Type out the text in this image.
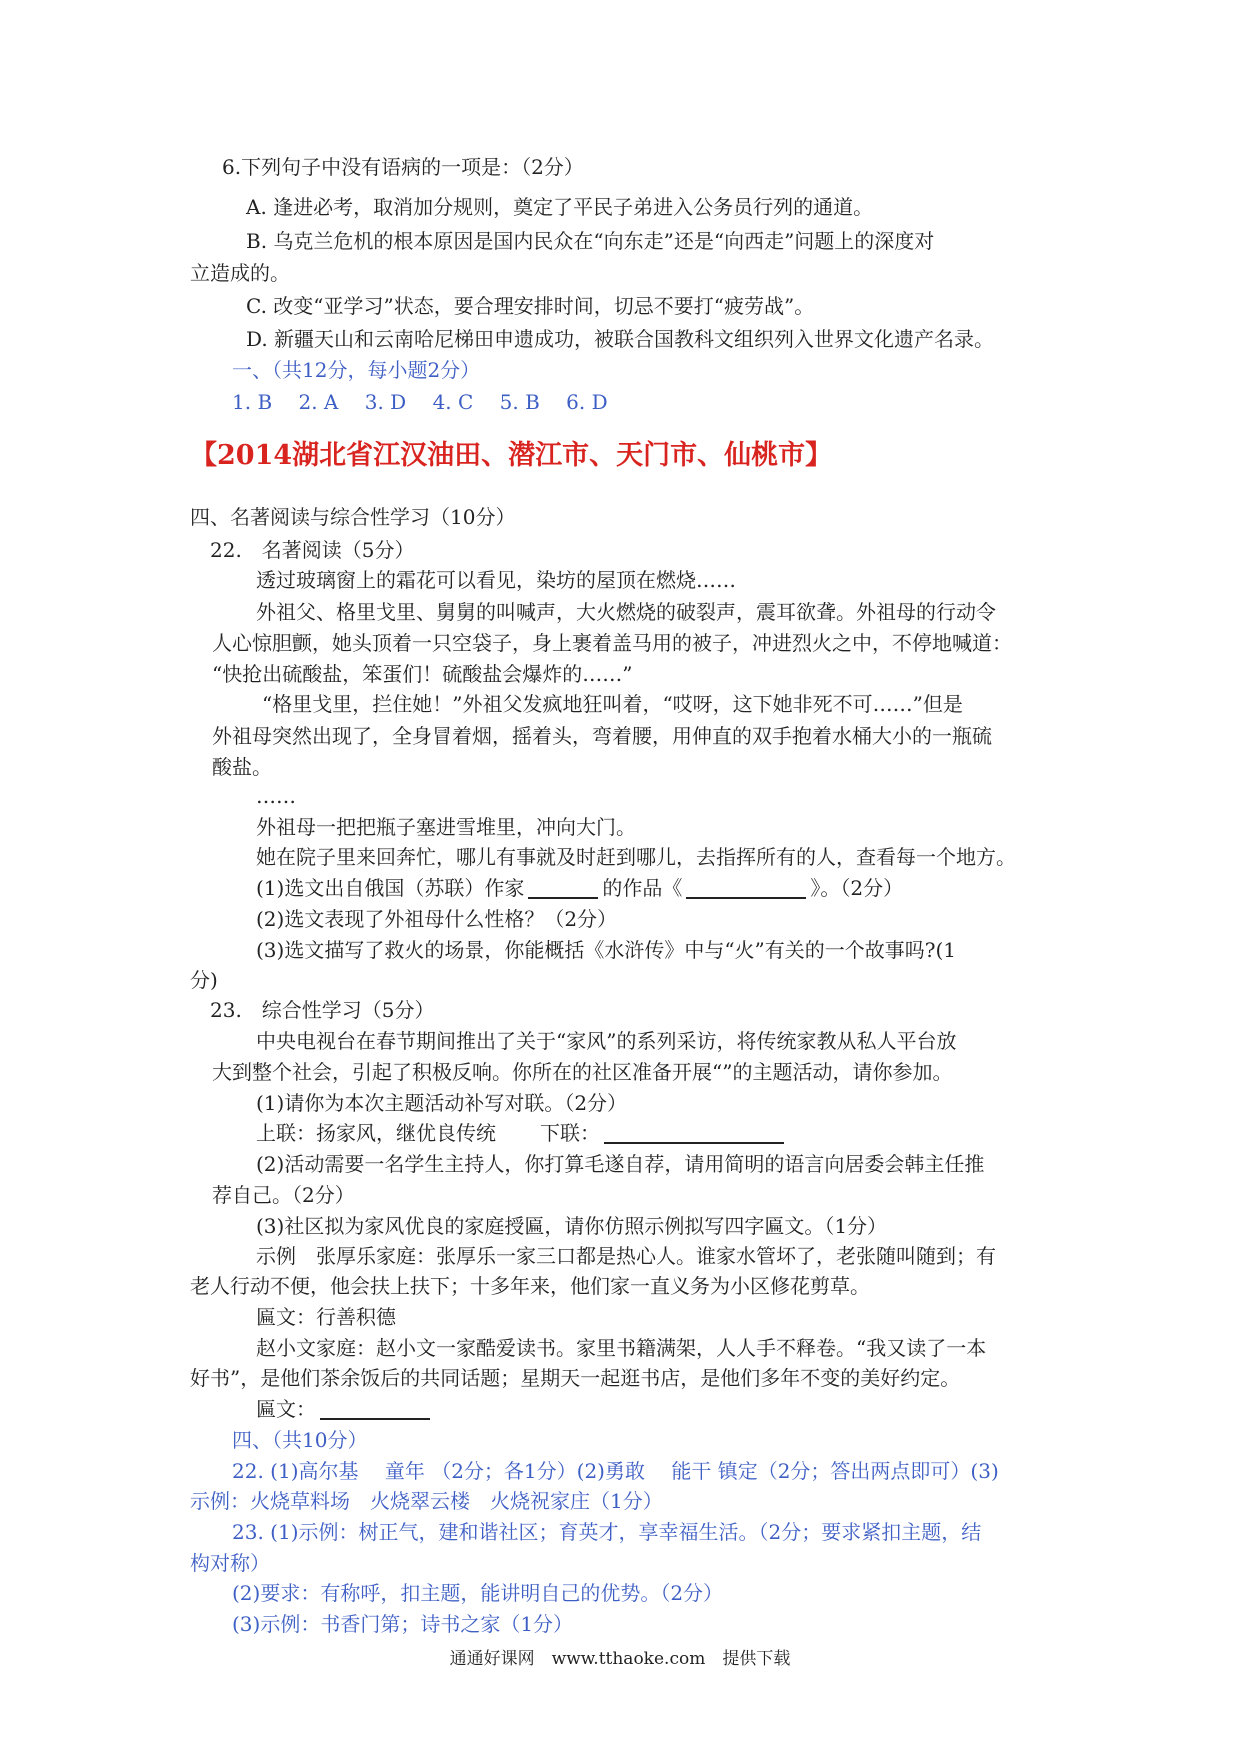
6.下列句子中没有语病的一项是：（2分）
A. 逢进必考，取消加分规则，奠定了平民子弟进入公务员行列的通道。
B. 乌克兰危机的根本原因是国内民众在“向东走”还是“向西走”问题上的深度对
立造成的。
C. 改变“亚学习”状态，要合理安排时间，切忌不要打“疲劳战”。
D. 新疆天山和云南哈尼梯田申遗成功，被联合国教科文组织列入世界文化遗产名录。
一、（共12分，每小题2分）
1. B　 2. A　 3. D　 4. C　 5. B　 6. D
【2014湖北省江汉油田、潜江市、天门市、仙桃市】
四、名著阅读与综合性学习（10分）
22.　名著阅读（5分）
透过玻璃窗上的霜花可以看见，染坊的屋顶在燃烧……
外祖父、格里戈里、舅舅的叫喊声，大火燃烧的破裂声，震耳欲聋。外祖母的行动令
人心惊胆颤，她头顶着一只空袋子，身上裹着盖马用的被子，冲进烈火之中，不停地喊道：
“快抢出硫酸盐，笨蛋们！硫酸盐会爆炸的……”
“格里戈里，拦住她！”外祖父发疯地狂叫着，“哎呀，这下她非死不可……”但是
外祖母突然出现了，全身冒着烟，摇着头，弯着腰，用伸直的双手抱着水桶大小的一瓶硫
酸盐。
……
外祖母一把把瓶子塞进雪堆里，冲向大门。
她在院子里来回奔忙，哪儿有事就及时赶到哪儿，去指挥所有的人，查看每一个地方。
(1)选文出自俄国（苏联）作家	的作品《	》。（2分）
(2)选文表现了外祖母什么性格？（2分）
(3)选文描写了救火的场景，你能概括《水浒传》中与“火”有关的一个故事吗?(1
分)
23.　综合性学习（5分）
中央电视台在春节期间推出了关于“家风”的系列采访，将传统家教从私人平台放
大到整个社会，引起了积极反响。你所在的社区准备开展“”的主题活动，请你参加。
(1)请你为本次主题活动补写对联。（2分）
上联：扬家风，继优良传统 下联：
(2)活动需要一名学生主持人，你打算毛遂自荐，请用简明的语言向居委会韩主任推
荐自己。（2分）
(3)社区拟为家风优良的家庭授匾，请你仿照示例拟写四字匾文。（1分）
示例　张厚乐家庭：张厚乐一家三口都是热心人。谁家水管坏了，老张随叫随到；有
老人行动不便，他会扶上扶下；十多年来，他们家一直义务为小区修花剪草。
匾文：行善积德
赵小文家庭：赵小文一家酷爱读书。家里书籍满架，人人手不释卷。“我又读了一本
好书”，是他们茶余饭后的共同话题；星期天一起逛书店，是他们多年不变的美好约定。
匾文：
四、（共10分）
22. (1)高尔基　 童年 （2分；各1分）(2)勇敢　 能干 镇定（2分；答出两点即可）(3)
示例：火烧草料场　火烧翠云楼　火烧祝家庄（1分）
23. (1)示例：树正气，建和谐社区；育英才，享幸福生活。（2分；要求紧扣主题，结
构对称）
(2)要求：有称呼，扣主题，能讲明自己的优势。（2分）
(3)示例：书香门第；诗书之家（1分）
通通好课网　www.tthaoke.com　提供下载
